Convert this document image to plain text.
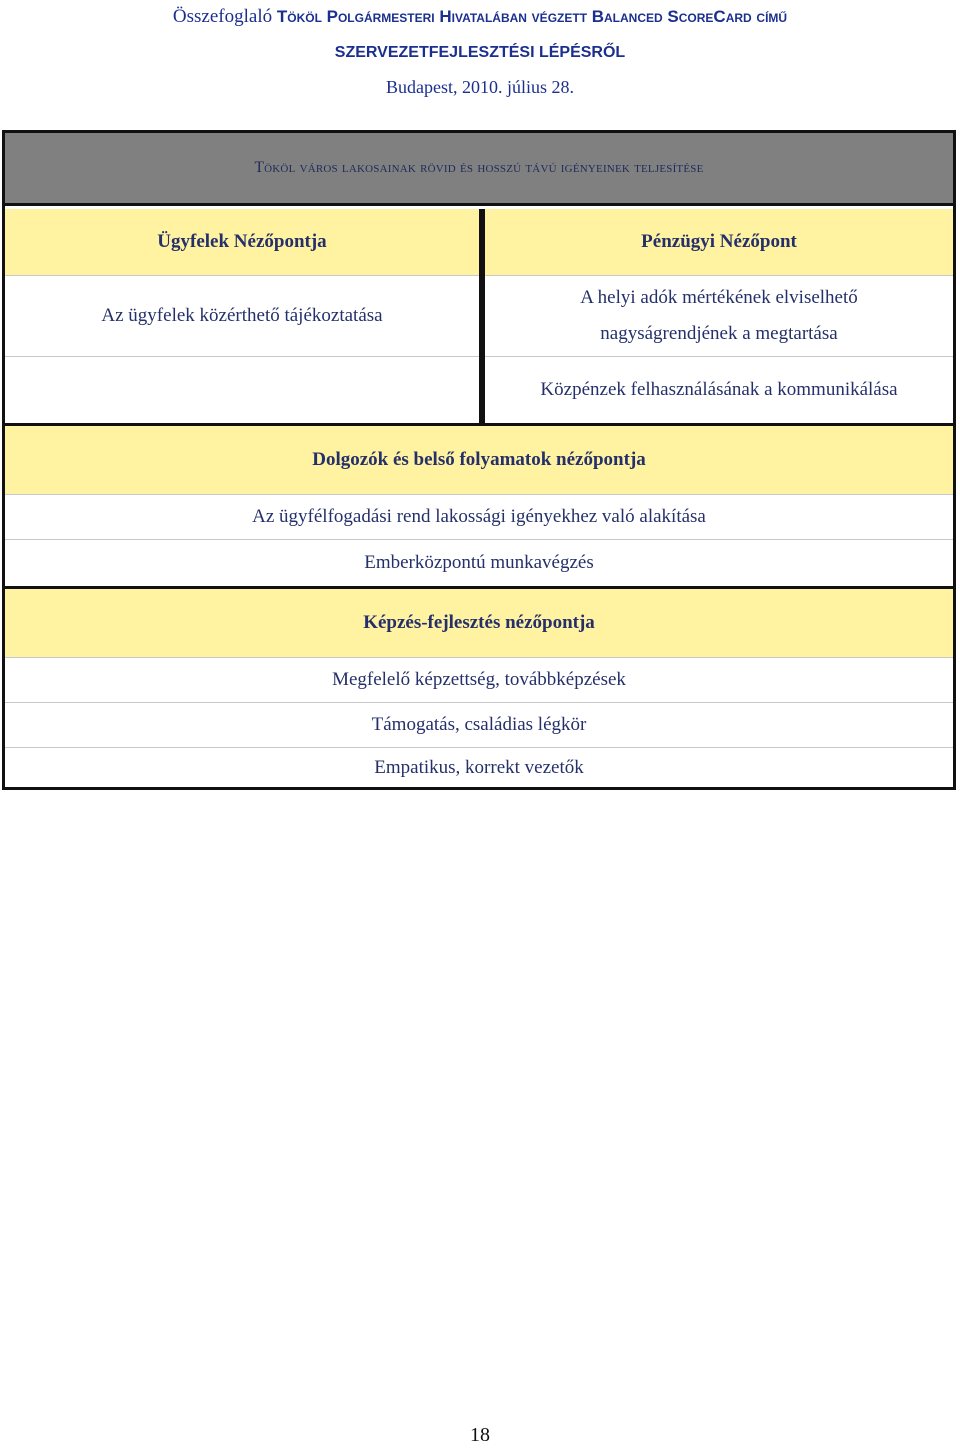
Összefoglaló Tököl Polgármesteri Hivatalában végzett Balanced ScoreCard című
SZERVEZETFEJLESZTÉSI LÉPÉSRŐL
Budapest, 2010. július 28.
Tököl város lakosainak rövid és hosszú távú igényeinek teljesítése
Ügyfelek Nézőpontja	Pénzügyi Nézőpont
Az ügyfelek közérthető tájékoztatása
A helyi adók mértékének elviselhető nagyságrendjének a megtartása
Közpénzek felhasználásának a kommunikálása
Dolgozók és belső folyamatok nézőpontja
Az ügyfélfogadási rend lakossági igényekhez való alakítása
Emberközpontú munkavégzés
Képzés-fejlesztés nézőpontja
Megfelelő képzettség, továbbképzések
Támogatás, családias légkör
Empatikus, korrekt vezetők
18
